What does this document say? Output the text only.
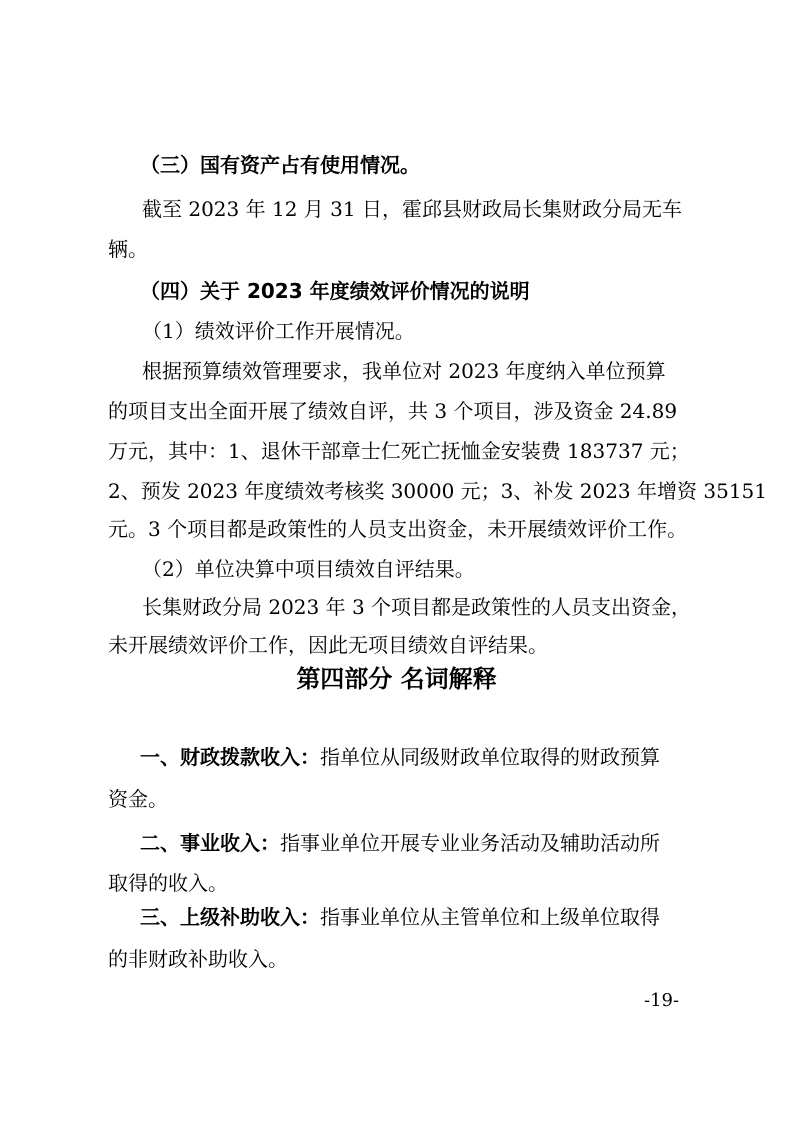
（三）国有资产占有使用情况。
截至 2023 年 12 月 31 日，霍邱县财政局长集财政分局无车
辆。
（四）关于 2023 年度绩效评价情况的说明
（1）绩效评价工作开展情况。
根据预算绩效管理要求，我单位对 2023 年度纳入单位预算
的项目支出全面开展了绩效自评，共 3 个项目，涉及资金 24.89
万元，其中：1、退休干部章士仁死亡抚恤金安装费 183737 元；
2、预发 2023 年度绩效考核奖 30000 元；3、补发 2023 年增资 35151
元。3 个项目都是政策性的人员支出资金，未开展绩效评价工作。
（2）单位决算中项目绩效自评结果。
长集财政分局 2023 年 3 个项目都是政策性的人员支出资金，
未开展绩效评价工作，因此无项目绩效自评结果。
第四部分 名词解释
一、财政拨款收入：指单位从同级财政单位取得的财政预算
资金。
二、事业收入：指事业单位开展专业业务活动及辅助活动所
取得的收入。
三、上级补助收入：指事业单位从主管单位和上级单位取得
的非财政补助收入。
-19-
